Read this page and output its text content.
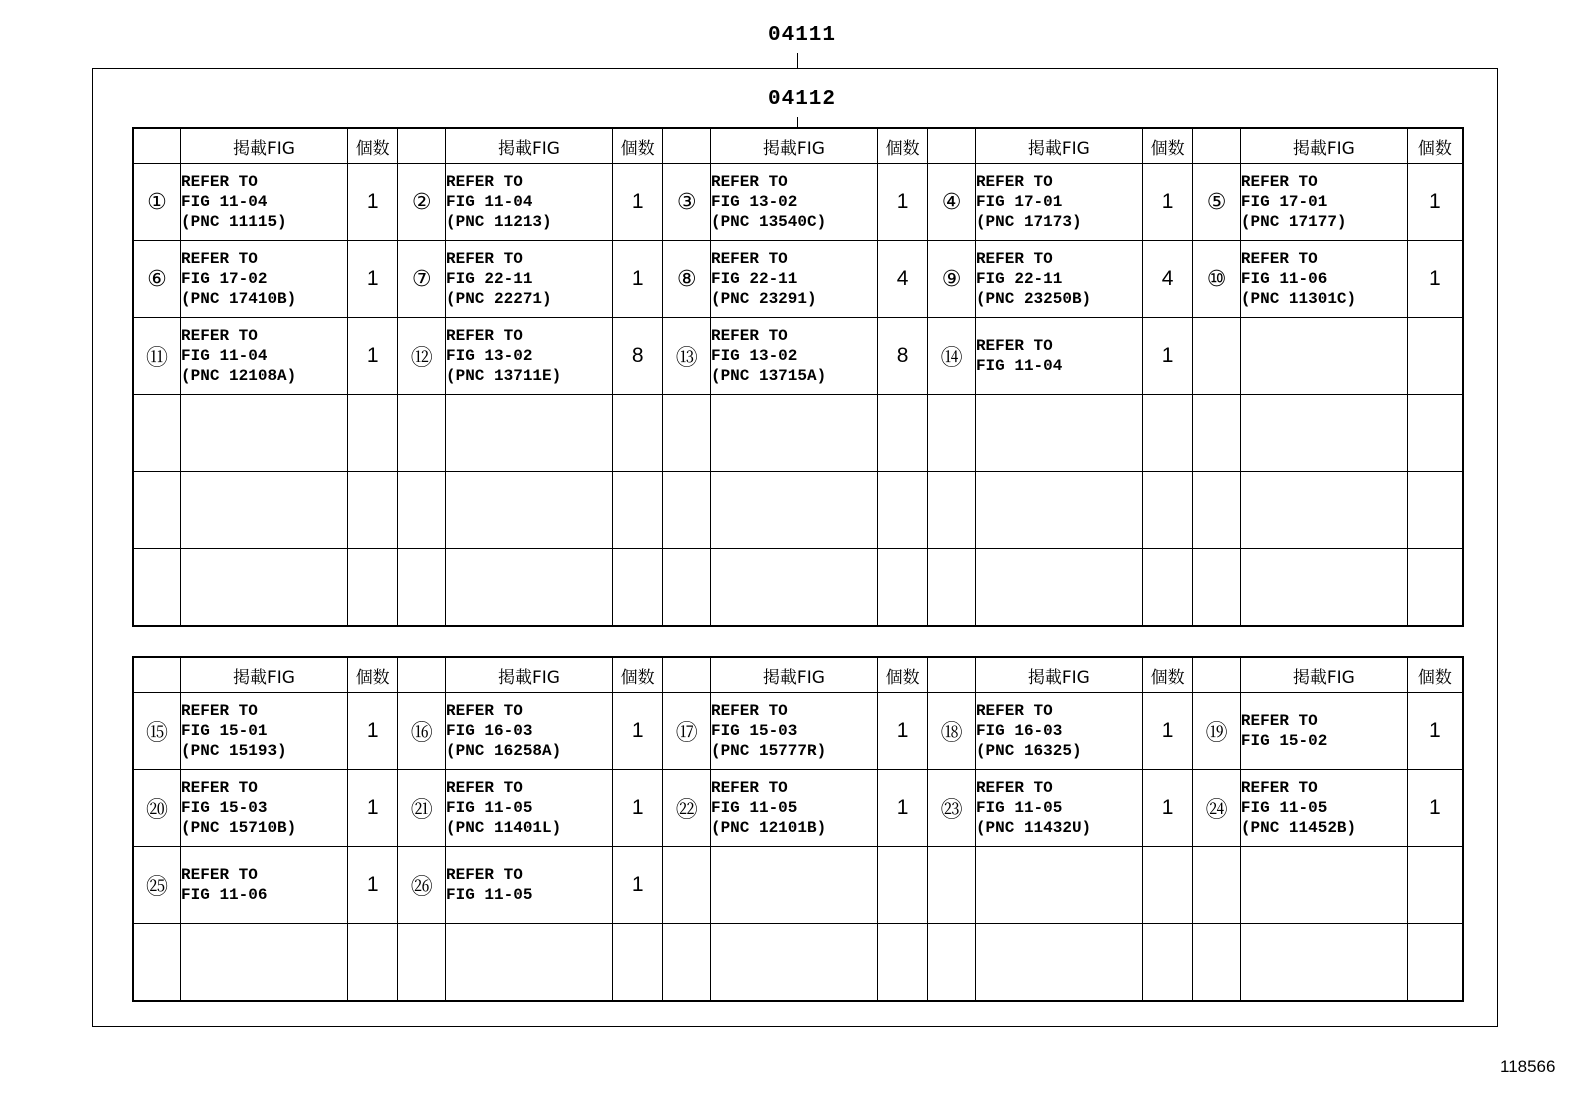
04111
04112
	掲載FIG	個数		掲載FIG	個数		掲載FIG	個数		掲載FIG	個数		掲載FIG	個数
①	REFER TO
FIG 11-04
(PNC 11115)	1	②	REFER TO
FIG 11-04
(PNC 11213)	1	③	REFER TO
FIG 13-02
(PNC 13540C)	1	④	REFER TO
FIG 17-01
(PNC 17173)	1	⑤	REFER TO
FIG 17-01
(PNC 17177)	1
⑥	REFER TO
FIG 17-02
(PNC 17410B)	1	⑦	REFER TO
FIG 22-11
(PNC 22271)	1	⑧	REFER TO
FIG 22-11
(PNC 23291)	4	⑨	REFER TO
FIG 22-11
(PNC 23250B)	4	⑩	REFER TO
FIG 11-06
(PNC 11301C)	1
⑪	REFER TO
FIG 11-04
(PNC 12108A)	1	⑫	REFER TO
FIG 13-02
(PNC 13711E)	8	⑬	REFER TO
FIG 13-02
(PNC 13715A)	8	⑭	REFER TO
FIG 11-04	1			

	掲載FIG	個数		掲載FIG	個数		掲載FIG	個数		掲載FIG	個数		掲載FIG	個数
⑮	REFER TO
FIG 15-01
(PNC 15193)	1	⑯	REFER TO
FIG 16-03
(PNC 16258A)	1	⑰	REFER TO
FIG 15-03
(PNC 15777R)	1	⑱	REFER TO
FIG 16-03
(PNC 16325)	1	⑲	REFER TO
FIG 15-02	1
⑳	REFER TO
FIG 15-03
(PNC 15710B)	1	㉑	REFER TO
FIG 11-05
(PNC 11401L)	1	㉒	REFER TO
FIG 11-05
(PNC 12101B)	1	㉓	REFER TO
FIG 11-05
(PNC 11432U)	1	㉔	REFER TO
FIG 11-05
(PNC 11452B)	1
㉕	REFER TO
FIG 11-06	1	㉖	REFER TO
FIG 11-05	1									

118566
